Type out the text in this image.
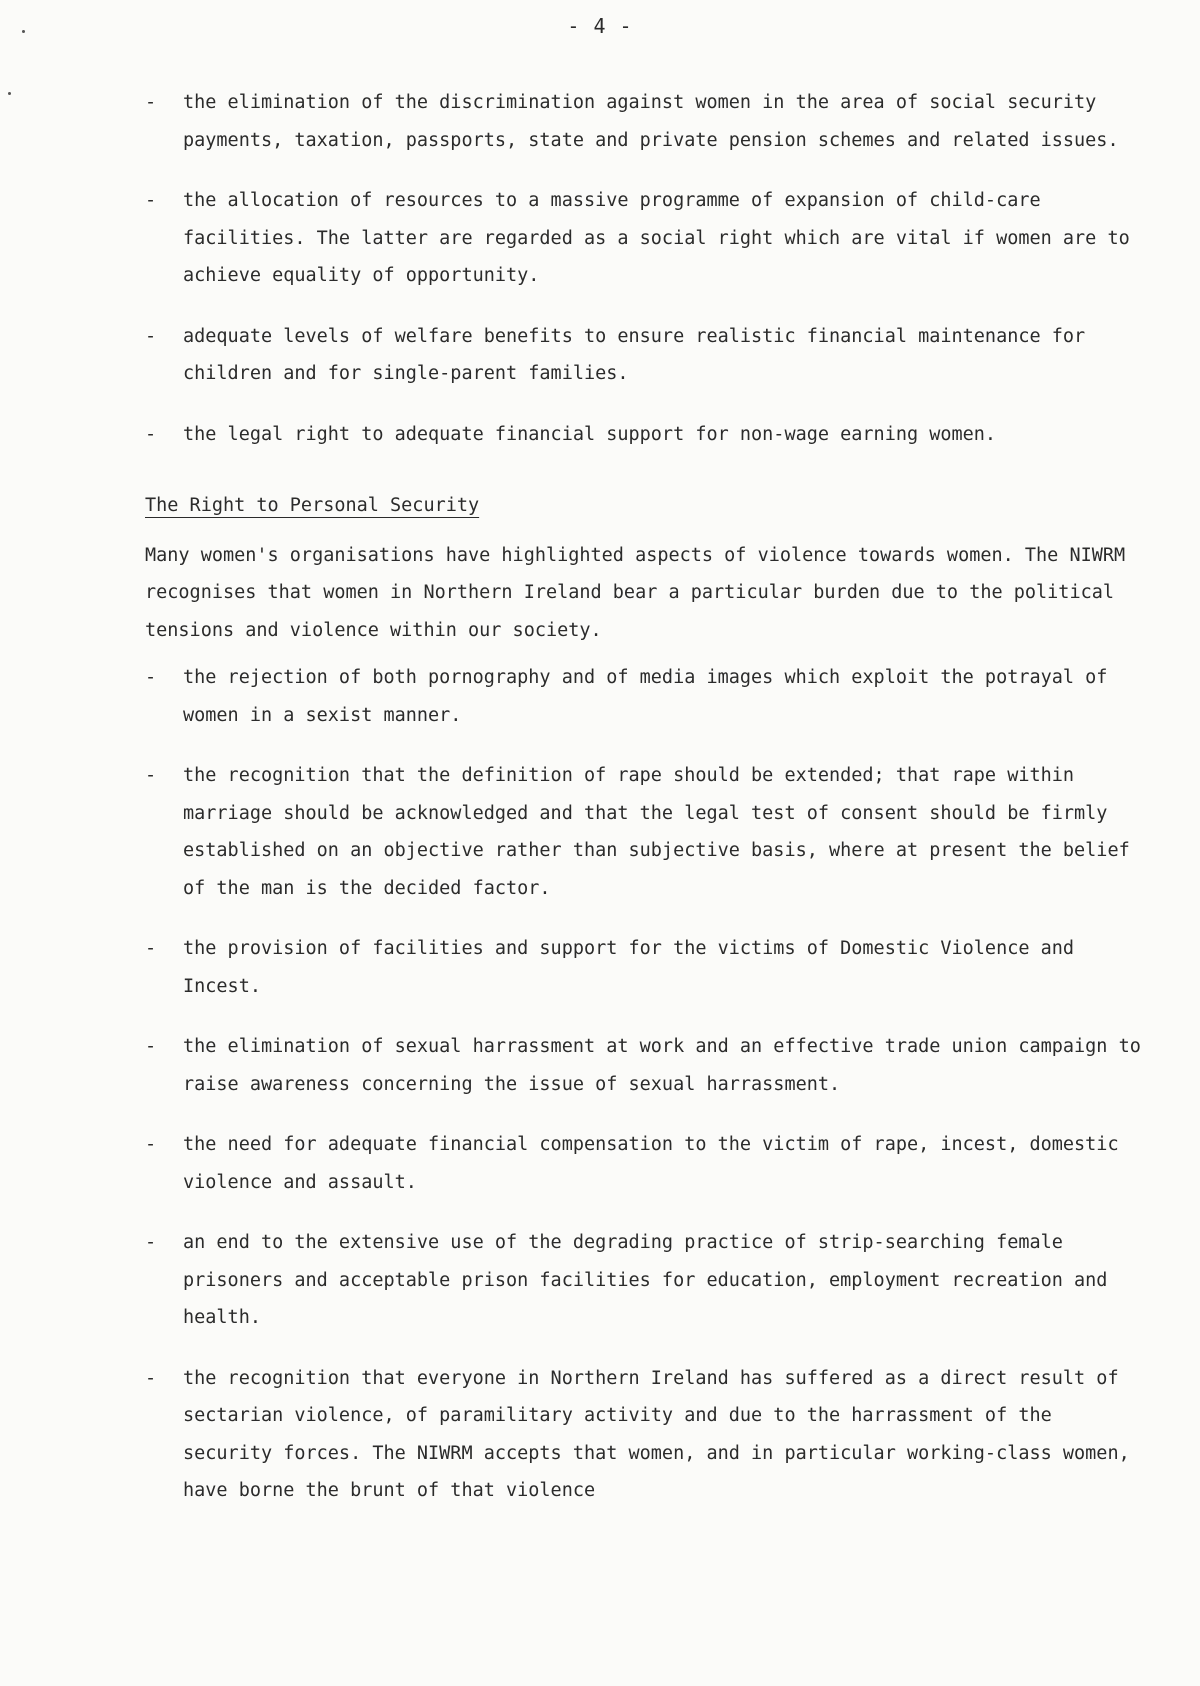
- 4 -
-	the elimination of the discrimination against women in the area of social security payments, taxation, passports, state and private pension schemes and related issues.
-	the allocation of resources to a massive programme of expansion of child-care facilities. The latter are regarded as a social right which are vital if women are to achieve equality of opportunity.
-	adequate levels of welfare benefits to ensure realistic financial maintenance for children and for single-parent families.
-	the legal right to adequate financial support for non-wage earning women.
The Right to Personal Security
Many women's organisations have highlighted aspects of violence towards women. The NIWRM recognises that women in Northern Ireland bear a particular burden due to the political tensions and violence within our society.
-	the rejection of both pornography and of media images which exploit the potrayal of women in a sexist manner.
-	the recognition that the definition of rape should be extended; that rape within marriage should be acknowledged and that the legal test of consent should be firmly established on an objective rather than subjective basis, where at present the belief of the man is the decided factor.
-	the provision of facilities and support for the victims of Domestic Violence and Incest.
-	the elimination of sexual harrassment at work and an effective trade union campaign to raise awareness concerning the issue of sexual harrassment.
-	the need for adequate financial compensation to the victim of rape, incest, domestic violence and assault.
-	an end to the extensive use of the degrading practice of strip-searching female prisoners and acceptable prison facilities for education, employment recreation and health.
-	the recognition that everyone in Northern Ireland has suffered as a direct result of sectarian violence, of paramilitary activity and due to the harrassment of the security forces. The NIWRM accepts that women, and in particular working-class women, have borne the brunt of that violence
